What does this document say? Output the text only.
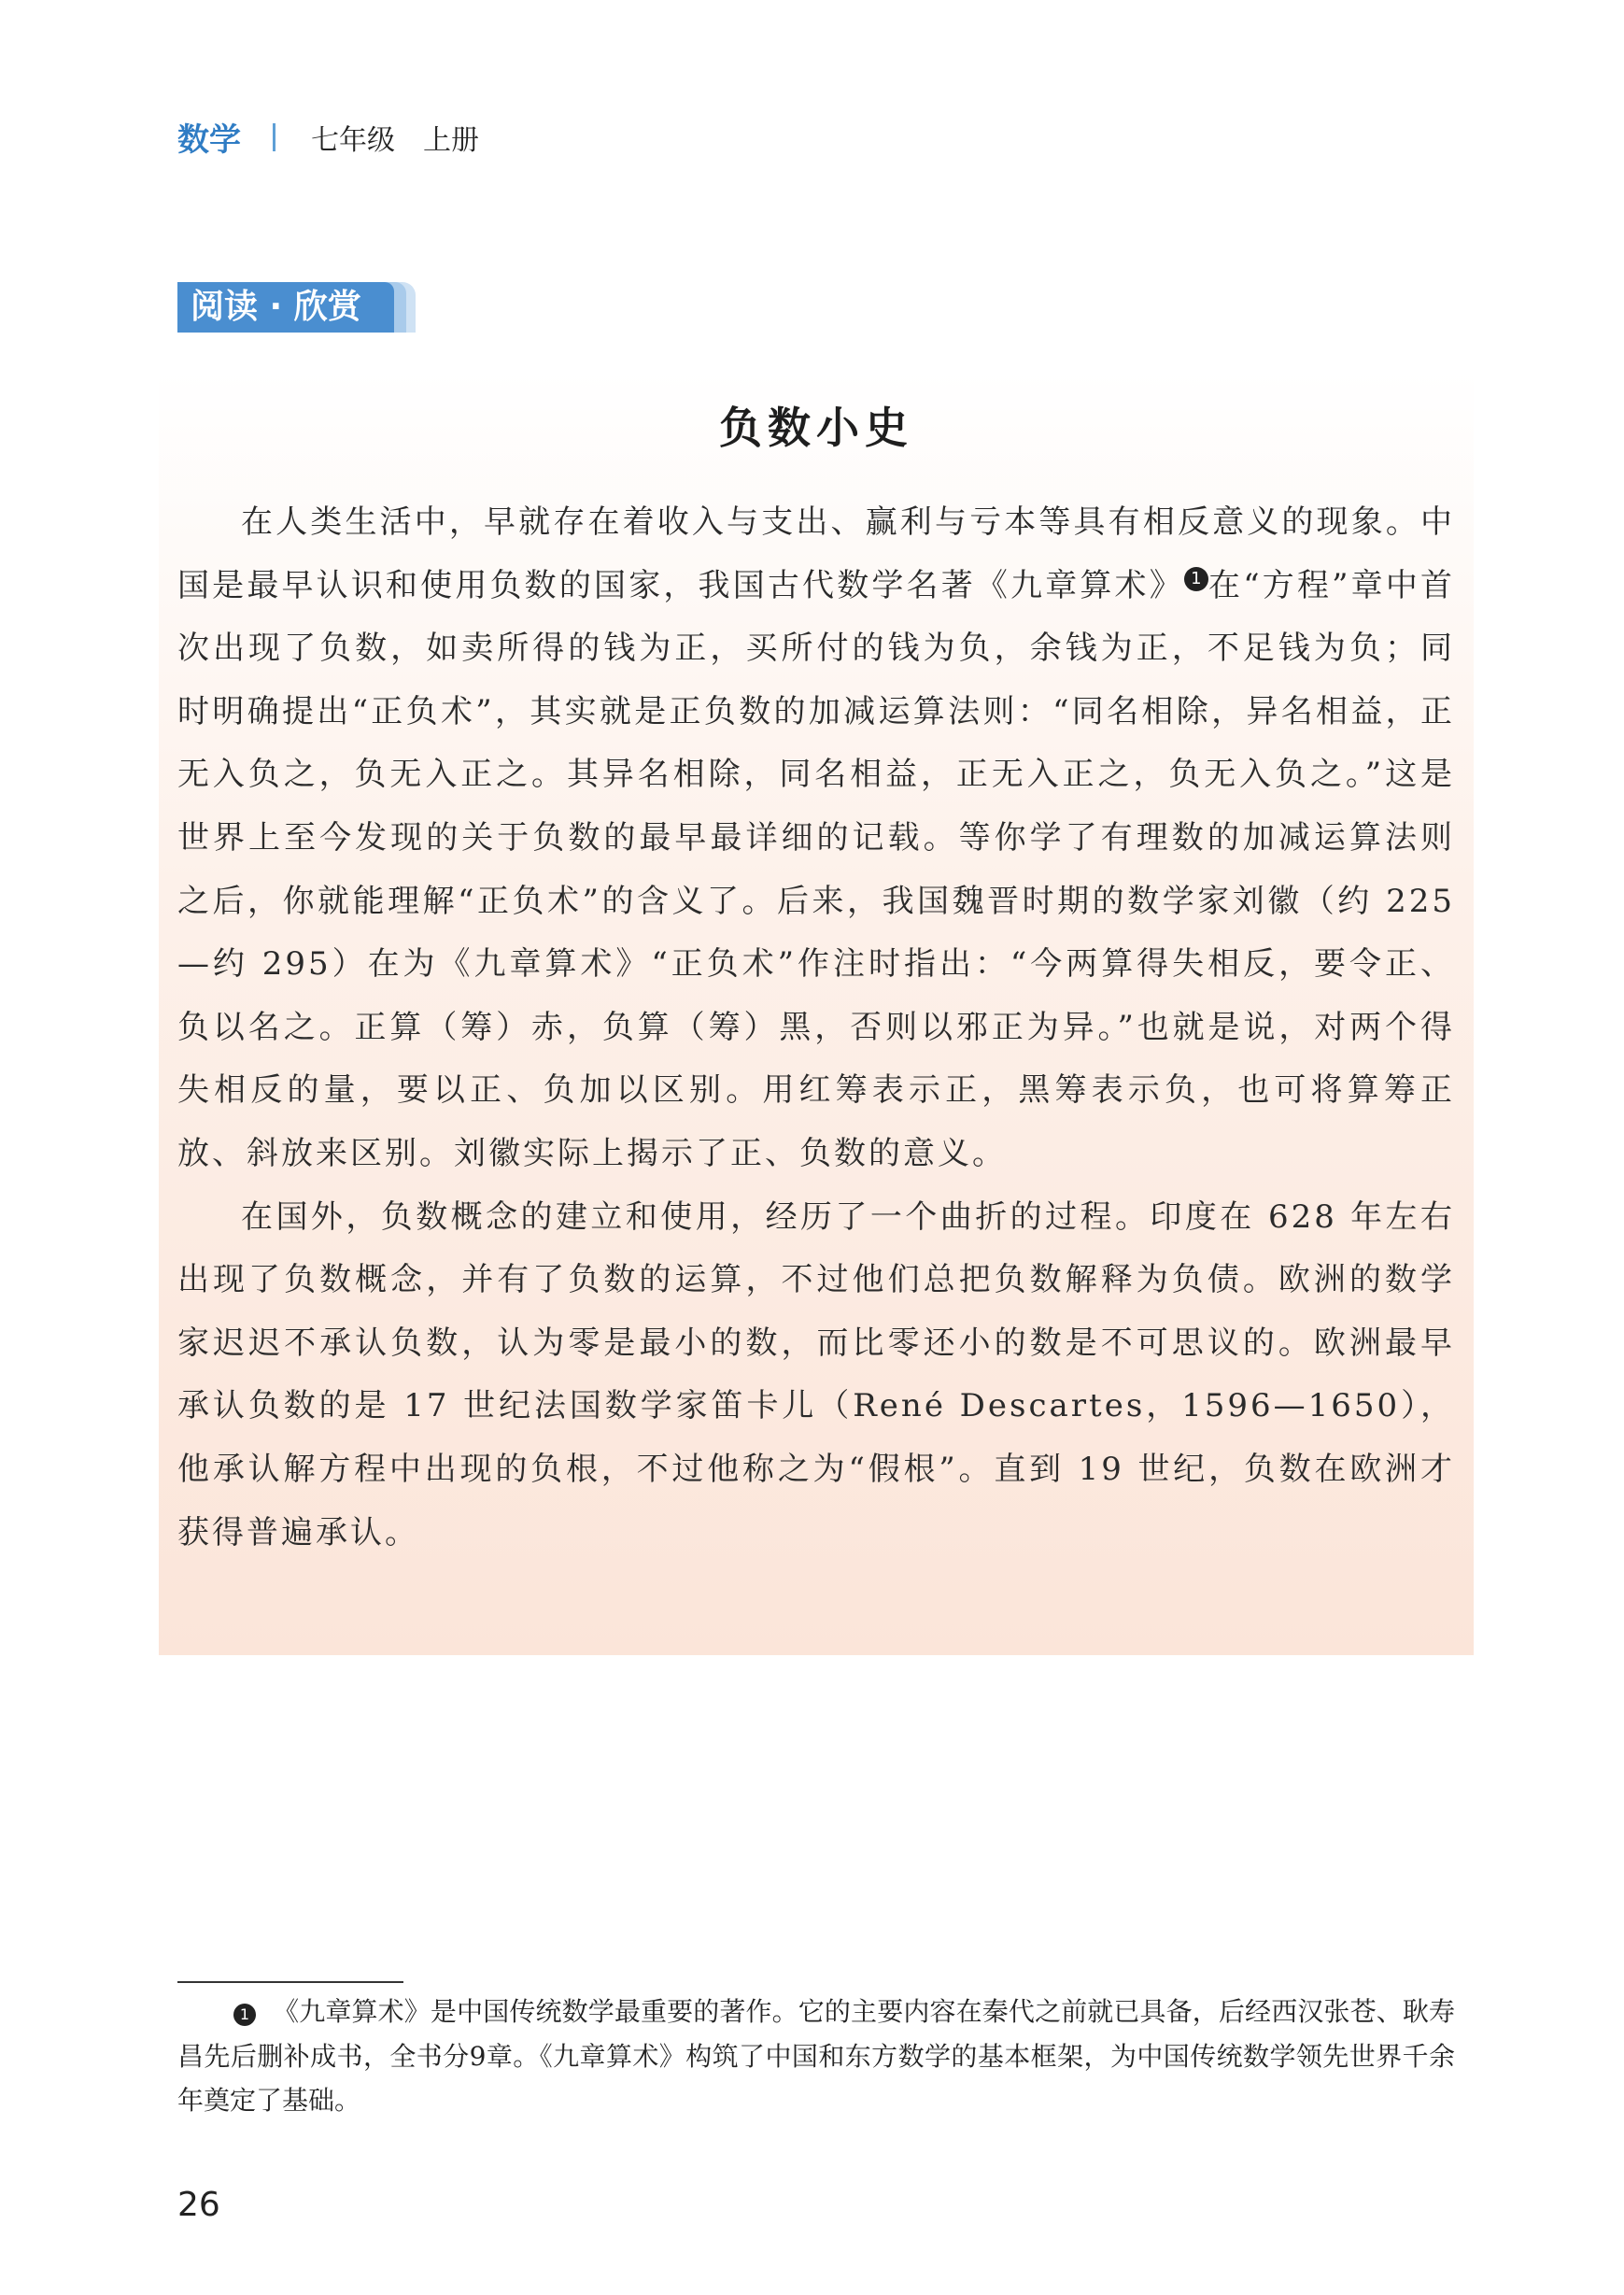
数学	七年级　上册
阅读 · 欣赏
负数小史

在人类生活中，早就存在着收入与支出、赢利与亏本等具有相反意义的现象。中国是最早认识和使用负数的国家，我国古代数学名著《九章算术》 1 在“方程”章中首次出现了负数，如卖所得的钱为正，买所付的钱为负，余钱为正，不足钱为负；同时明确提出“正负术”，其实就是正负数的加减运算法则：“同名相除，异名相益，正无入负之，负无入正之。其异名相除，同名相益，正无入正之，负无入负之。”这是世界上至今发现的关于负数的最早最详细的记载。等你学了有理数的加减运算法则之后，你就能理解“正负术”的含义了。后来，我国魏晋时期的数学家刘徽（约 225—约 295）在为《九章算术》“正负术”作注时指出：“今两算得失相反，要令正、负以名之。正算（筹）赤，负算（筹）黑，否则以邪正为异。”也就是说，对两个得失相反的量，要以正、负加以区别。用红筹表示正，黑筹表示负，也可将算筹正放、斜放来区别。刘徽实际上揭示了正、负数的意义。

在国外，负数概念的建立和使用，经历了一个曲折的过程。印度在 628 年左右出现了负数概念，并有了负数的运算，不过他们总把负数解释为负债。欧洲的数学家迟迟不承认负数，认为零是最小的数，而比零还小的数是不可思议的。欧洲最早承认负数的是 17 世纪法国数学家笛卡儿（René Descartes，1596—1650），他承认解方程中出现的负根，不过他称之为“假根”。直到 19 世纪，负数在欧洲才获得普遍承认。

1 《九章算术》是中国传统数学最重要的著作。它的主要内容在秦代之前就已具备，后经西汉张苍、耿寿昌先后删补成书，全书分9章。《九章算术》构筑了中国和东方数学的基本框架，为中国传统数学领先世界千余年奠定了基础。
26
